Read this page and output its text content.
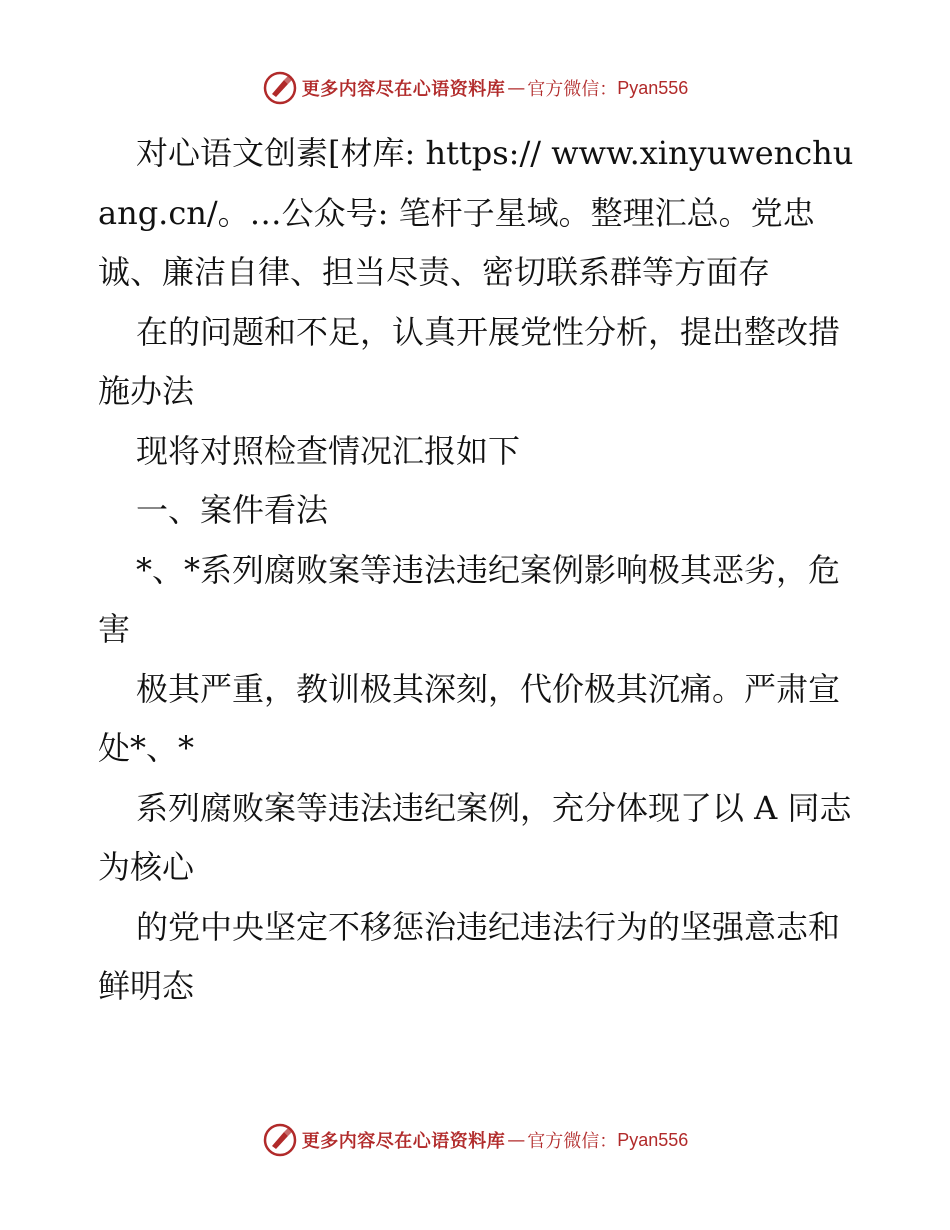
更多内容尽在心语资料库 — 官方微信： Pyan556

对心语文创素[材库: https:// www.xinyuwenchuang.cn/。…公众号: 笔杆子星域。整理汇总。党忠诚、廉洁自律、担当尽责、密切联系群等方面存

在的问题和不足，认真开展党性分析，提出整改措施办法

现将对照检查情况汇报如下

一、案件看法

*、*系列腐败案等违法违纪案例影响极其恶劣，危害

极其严重，教训极其深刻，代价极其沉痛。严肃宣处*、*

系列腐败案等违法违纪案例，充分体现了以 A 同志为核心

的党中央坚定不移惩治违纪违法行为的坚强意志和鲜明态

更多内容尽在心语资料库 — 官方微信： Pyan556
